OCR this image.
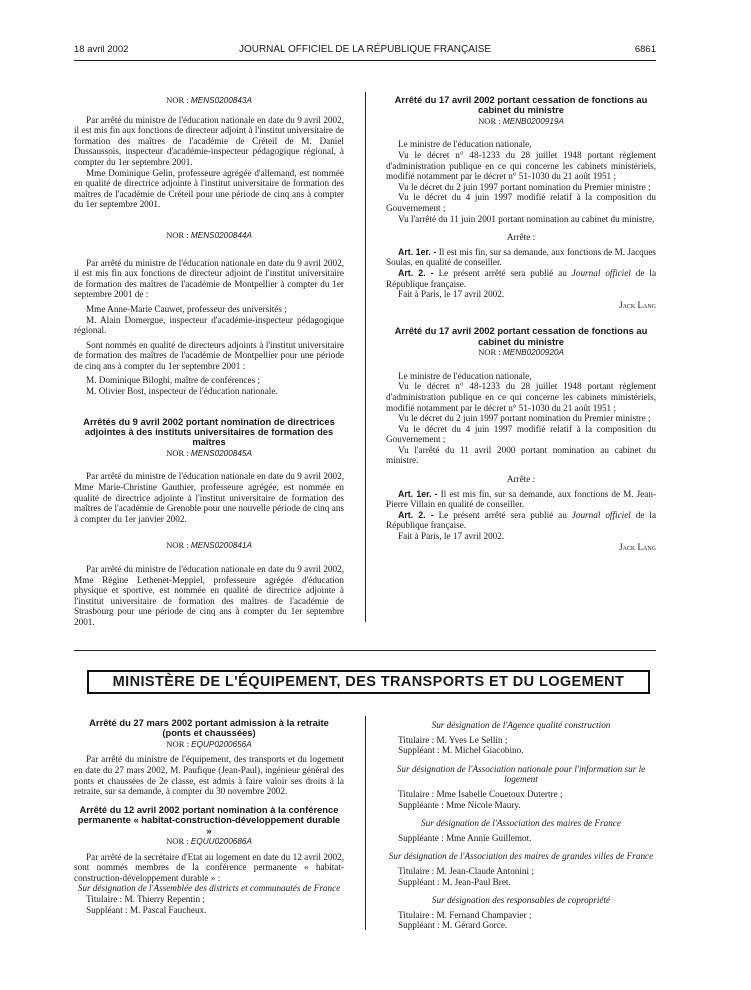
18 avril 2002	JOURNAL OFFICIEL DE LA RÉPUBLIQUE FRANÇAISE	6861

NOR : MENS0200843A

Par arrêté du ministre de l'éducation nationale en date du 9 avril 2002, il est mis fin aux fonctions de directeur adjoint à l'institut universitaire de formation des maîtres de l'académie de Créteil de M. Daniel Dussaussois, inspecteur d'académie-inspecteur pédagogique régional, à compter du 1er septembre 2001.

Mme Dominique Gelin, professeure agrégée d'allemand, est nommée en qualité de directrice adjointe à l'institut universitaire de formation des maîtres de l'académie de Créteil pour une période de cinq ans à compter du 1er septembre 2001.

NOR : MENS0200844A

Par arrêté du ministre de l'éducation nationale en date du 9 avril 2002, il est mis fin aux fonctions de directeur adjoint de l'institut universitaire de formation des maîtres de l'académie de Montpellier à compter du 1er septembre 2001 de :

Mme Anne-Marie Cauwet, professeur des universités ;

M. Alain Domergue, inspecteur d'académie-inspecteur pédagogique régional.

Sont nommés en qualité de directeurs adjoints à l'institut universitaire de formation des maîtres de l'académie de Montpellier pour une période de cinq ans à compter du 1er septembre 2001 :

M. Dominique Biloghi, maître de conférences ;

M. Olivier Bost, inspecteur de l'éducation nationale.

Arrêtés du 9 avril 2002 portant nomination de directrices adjointes à des instituts universitaires de formation des maîtres

NOR : MENS0200845A

Par arrêté du ministre de l'éducation nationale en date du 9 avril 2002, Mme Marie-Christine Gauthier, professeure agrégée, est nommée en qualité de directrice adjointe à l'institut universitaire de formation des maîtres de l'académie de Grenoble pour une nouvelle période de cinq ans à compter du 1er janvier 2002.

NOR : MENS0200841A

Par arrêté du ministre de l'éducation nationale en date du 9 avril 2002, Mme Régine Lethenet-Meppiel, professeure agrégée d'éducation physique et sportive, est nommée en qualité de directrice adjointe à l'institut universitaire de formation des maîtres de l'académie de Strasbourg pour une période de cinq ans à compter du 1er septembre 2001.

Arrêté du 17 avril 2002 portant cessation de fonctions au cabinet du ministre

NOR : MENB0200919A

Le ministre de l'éducation nationale,

Vu le décret n° 48-1233 du 28 juillet 1948 portant règlement d'administration publique en ce qui concerne les cabinets ministériels, modifié notamment par le décret n° 51-1030 du 21 août 1951 ;

Vu le décret du 2 juin 1997 portant nomination du Premier ministre ;

Vu le décret du 4 juin 1997 modifié relatif à la composition du Gouvernement ;

Vu l'arrêté du 11 juin 2001 portant nomination au cabinet du ministre,

Arrête :

Art. 1er. - Il est mis fin, sur sa demande, aux fonctions de M. Jacques Soulas, en qualité de conseiller.

Art. 2. - Le présent arrêté sera publié au Journal officiel de la République française.

Fait à Paris, le 17 avril 2002.

Jack Lang

Arrêté du 17 avril 2002 portant cessation de fonctions au cabinet du ministre

NOR : MENB0200920A

Le ministre de l'éducation nationale,

Vu le décret n° 48-1233 du 28 juillet 1948 portant règlement d'administration publique en ce qui concerne les cabinets ministériels, modifié notamment par le décret n° 51-1030 du 21 août 1951 ;

Vu le décret du 2 juin 1997 portant nomination du Premier ministre ;

Vu le décret du 4 juin 1997 modifié relatif à la composition du Gouvernement ;

Vu l'arrêté du 11 avril 2000 portant nomination au cabinet du ministre.

Arrête :

Art. 1er. - Il est mis fin, sur sa demande, aux fonctions de M. Jean-Pierre Villain en qualité de conseiller.

Art. 2. - Le présent arrêté sera publié au Journal officiel de la République française.

Fait à Paris, le 17 avril 2002.

Jack Lang

MINISTÈRE DE L'ÉQUIPEMENT, DES TRANSPORTS ET DU LOGEMENT

Arrêté du 27 mars 2002 portant admission à la retraite (ponts et chaussées)

NOR : EQUP0200656A

Par arrêté du ministre de l'équipement, des transports et du logement en date du 27 mars 2002, M. Paufique (Jean-Paul), ingénieur général des ponts et chaussées de 2e classe, est admis à faire valoir ses droits à la retraite, sur sa demande, à compter du 30 novembre 2002.

Arrêté du 12 avril 2002 portant nomination à la conférence permanente « habitat-construction-développement durable »

NOR : EQUU0200686A

Par arrêté de la secrétaire d'Etat au logement en date du 12 avril 2002, sont nommés membres de la conférence permanente « habitat-construction-développement durable » :

Sur désignation de l'Assemblée des districts et communautés de France

Titulaire : M. Thierry Repentin ;

Suppléant : M. Pascal Faucheux.

Sur désignation de l'Agence qualité construction

Titulaire : M. Yves Le Sellin ;

Suppléant : M. Michel Giacobino.

Sur désignation de l'Association nationale pour l'information sur le logement

Titulaire : Mme Isabelle Couetoux Dutertre ;

Suppléante : Mme Nicole Maury.

Sur désignation de l'Association des maires de France

Suppléante : Mme Annie Guillemot.

Sur désignation de l'Association des maires de grandes villes de France

Titulaire : M. Jean-Claude Antonini ;

Suppléant : M. Jean-Paul Bret.

Sur désignation des responsables de copropriété

Titulaire : M. Fernand Champavier ;

Suppléant : M. Gérard Gorce.
